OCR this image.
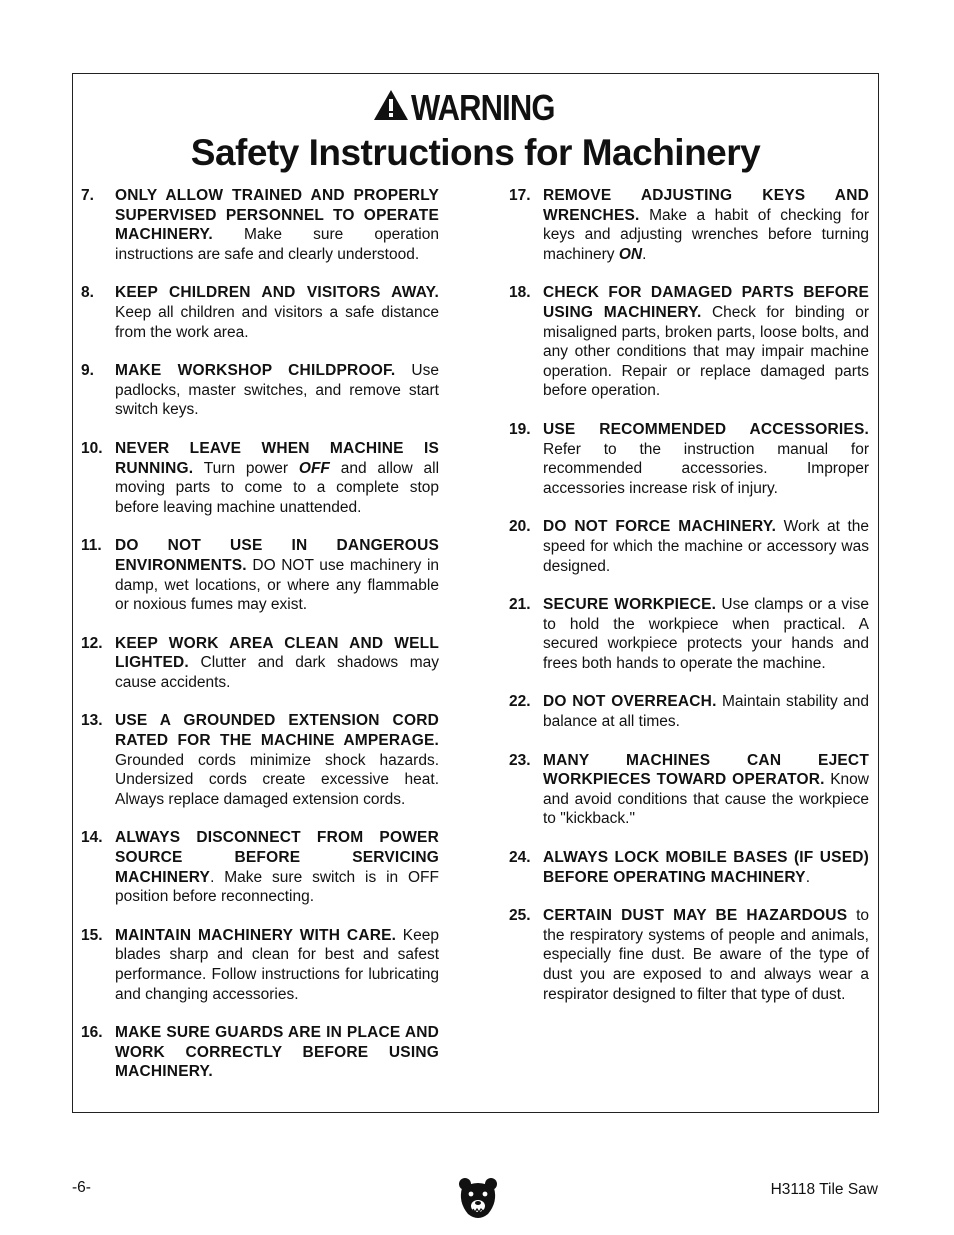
WARNING
Safety Instructions for Machinery
7. ONLY ALLOW TRAINED AND PROPERLY SUPERVISED PERSONNEL TO OPERATE MACHINERY. Make sure operation instructions are safe and clearly understood.
8. KEEP CHILDREN AND VISITORS AWAY. Keep all children and visitors a safe distance from the work area.
9. MAKE WORKSHOP CHILDPROOF. Use padlocks, master switches, and remove start switch keys.
10. NEVER LEAVE WHEN MACHINE IS RUNNING. Turn power OFF and allow all moving parts to come to a complete stop before leaving machine unattended.
11. DO NOT USE IN DANGEROUS ENVIRONMENTS. DO NOT use machinery in damp, wet locations, or where any flammable or noxious fumes may exist.
12. KEEP WORK AREA CLEAN AND WELL LIGHTED. Clutter and dark shadows may cause accidents.
13. USE A GROUNDED EXTENSION CORD RATED FOR THE MACHINE AMPERAGE. Grounded cords minimize shock hazards. Undersized cords create excessive heat. Always replace damaged extension cords.
14. ALWAYS DISCONNECT FROM POWER SOURCE BEFORE SERVICING MACHINERY. Make sure switch is in OFF position before reconnecting.
15. MAINTAIN MACHINERY WITH CARE. Keep blades sharp and clean for best and safest performance. Follow instructions for lubricating and changing accessories.
16. MAKE SURE GUARDS ARE IN PLACE AND WORK CORRECTLY BEFORE USING MACHINERY.
17. REMOVE ADJUSTING KEYS AND WRENCHES. Make a habit of checking for keys and adjusting wrenches before turning machinery ON.
18. CHECK FOR DAMAGED PARTS BEFORE USING MACHINERY. Check for binding or misaligned parts, broken parts, loose bolts, and any other conditions that may impair machine operation. Repair or replace damaged parts before operation.
19. USE RECOMMENDED ACCESSORIES. Refer to the instruction manual for recommended accessories. Improper accessories increase risk of injury.
20. DO NOT FORCE MACHINERY. Work at the speed for which the machine or accessory was designed.
21. SECURE WORKPIECE. Use clamps or a vise to hold the workpiece when practical. A secured workpiece protects your hands and frees both hands to operate the machine.
22. DO NOT OVERREACH. Maintain stability and balance at all times.
23. MANY MACHINES CAN EJECT WORKPIECES TOWARD OPERATOR. Know and avoid conditions that cause the workpiece to "kickback."
24. ALWAYS LOCK MOBILE BASES (IF USED) BEFORE OPERATING MACHINERY.
25. CERTAIN DUST MAY BE HAZARDOUS to the respiratory systems of people and animals, especially fine dust. Be aware of the type of dust you are exposed to and always wear a respirator designed to filter that type of dust.
-6-	H3118 Tile Saw
